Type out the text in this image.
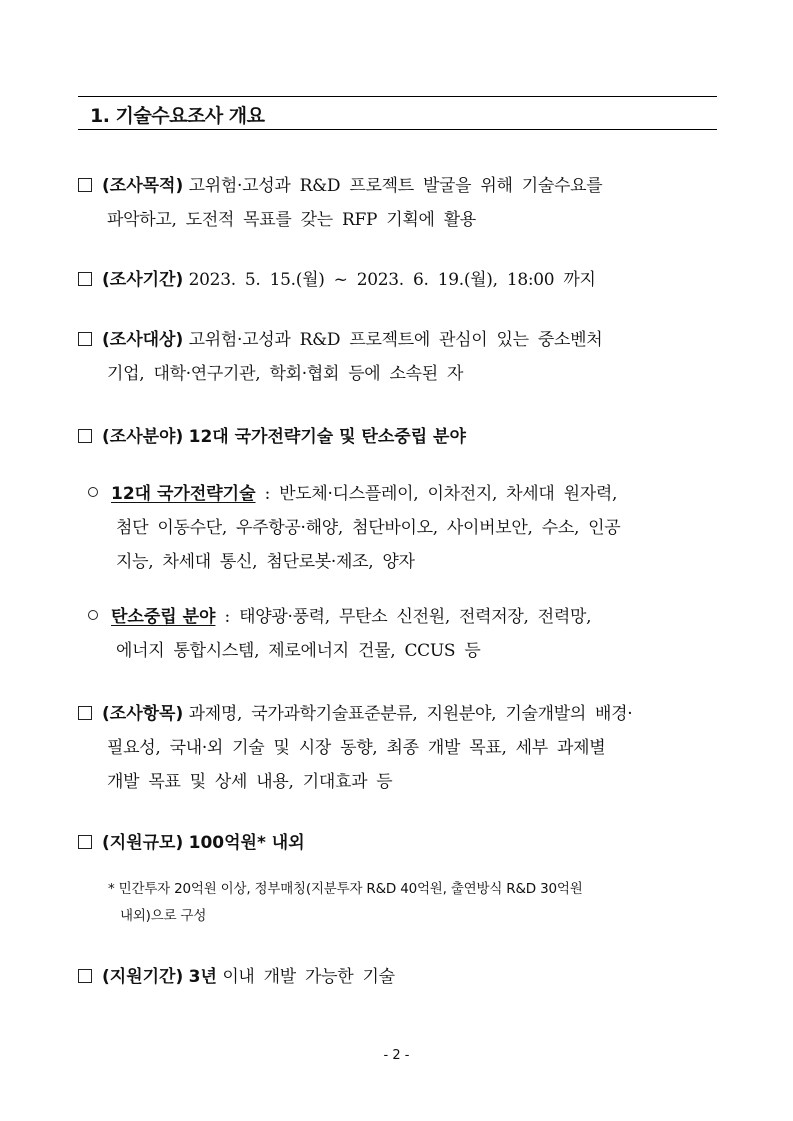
1. 기술수요조사 개요
(조사목적) 고위험·고성과 R&D 프로젝트 발굴을 위해 기술수요를
파악하고, 도전적 목표를 갖는 RFP 기획에 활용
(조사기간) 2023. 5. 15.(월) ~ 2023. 6. 19.(월), 18:00 까지
(조사대상) 고위험·고성과 R&D 프로젝트에 관심이 있는 중소벤처
기업, 대학·연구기관, 학회·협회 등에 소속된 자
(조사분야) 12대 국가전략기술 및 탄소중립 분야
12대 국가전략기술 : 반도체·디스플레이, 이차전지, 차세대 원자력,
첨단 이동수단, 우주항공·해양, 첨단바이오, 사이버보안, 수소, 인공
지능, 차세대 통신, 첨단로봇·제조, 양자
탄소중립 분야 : 태양광·풍력, 무탄소 신전원, 전력저장, 전력망,
에너지 통합시스템, 제로에너지 건물, CCUS 등
(조사항목) 과제명, 국가과학기술표준분류, 지원분야, 기술개발의 배경·
필요성, 국내·외 기술 및 시장 동향, 최종 개발 목표, 세부 과제별
개발 목표 및 상세 내용, 기대효과 등
(지원규모) 100억원* 내외
* 민간투자 20억원 이상, 정부매칭(지분투자 R&D 40억원, 출연방식 R&D 30억원
내외)으로 구성
(지원기간) 3년 이내 개발 가능한 기술
- 2 -
